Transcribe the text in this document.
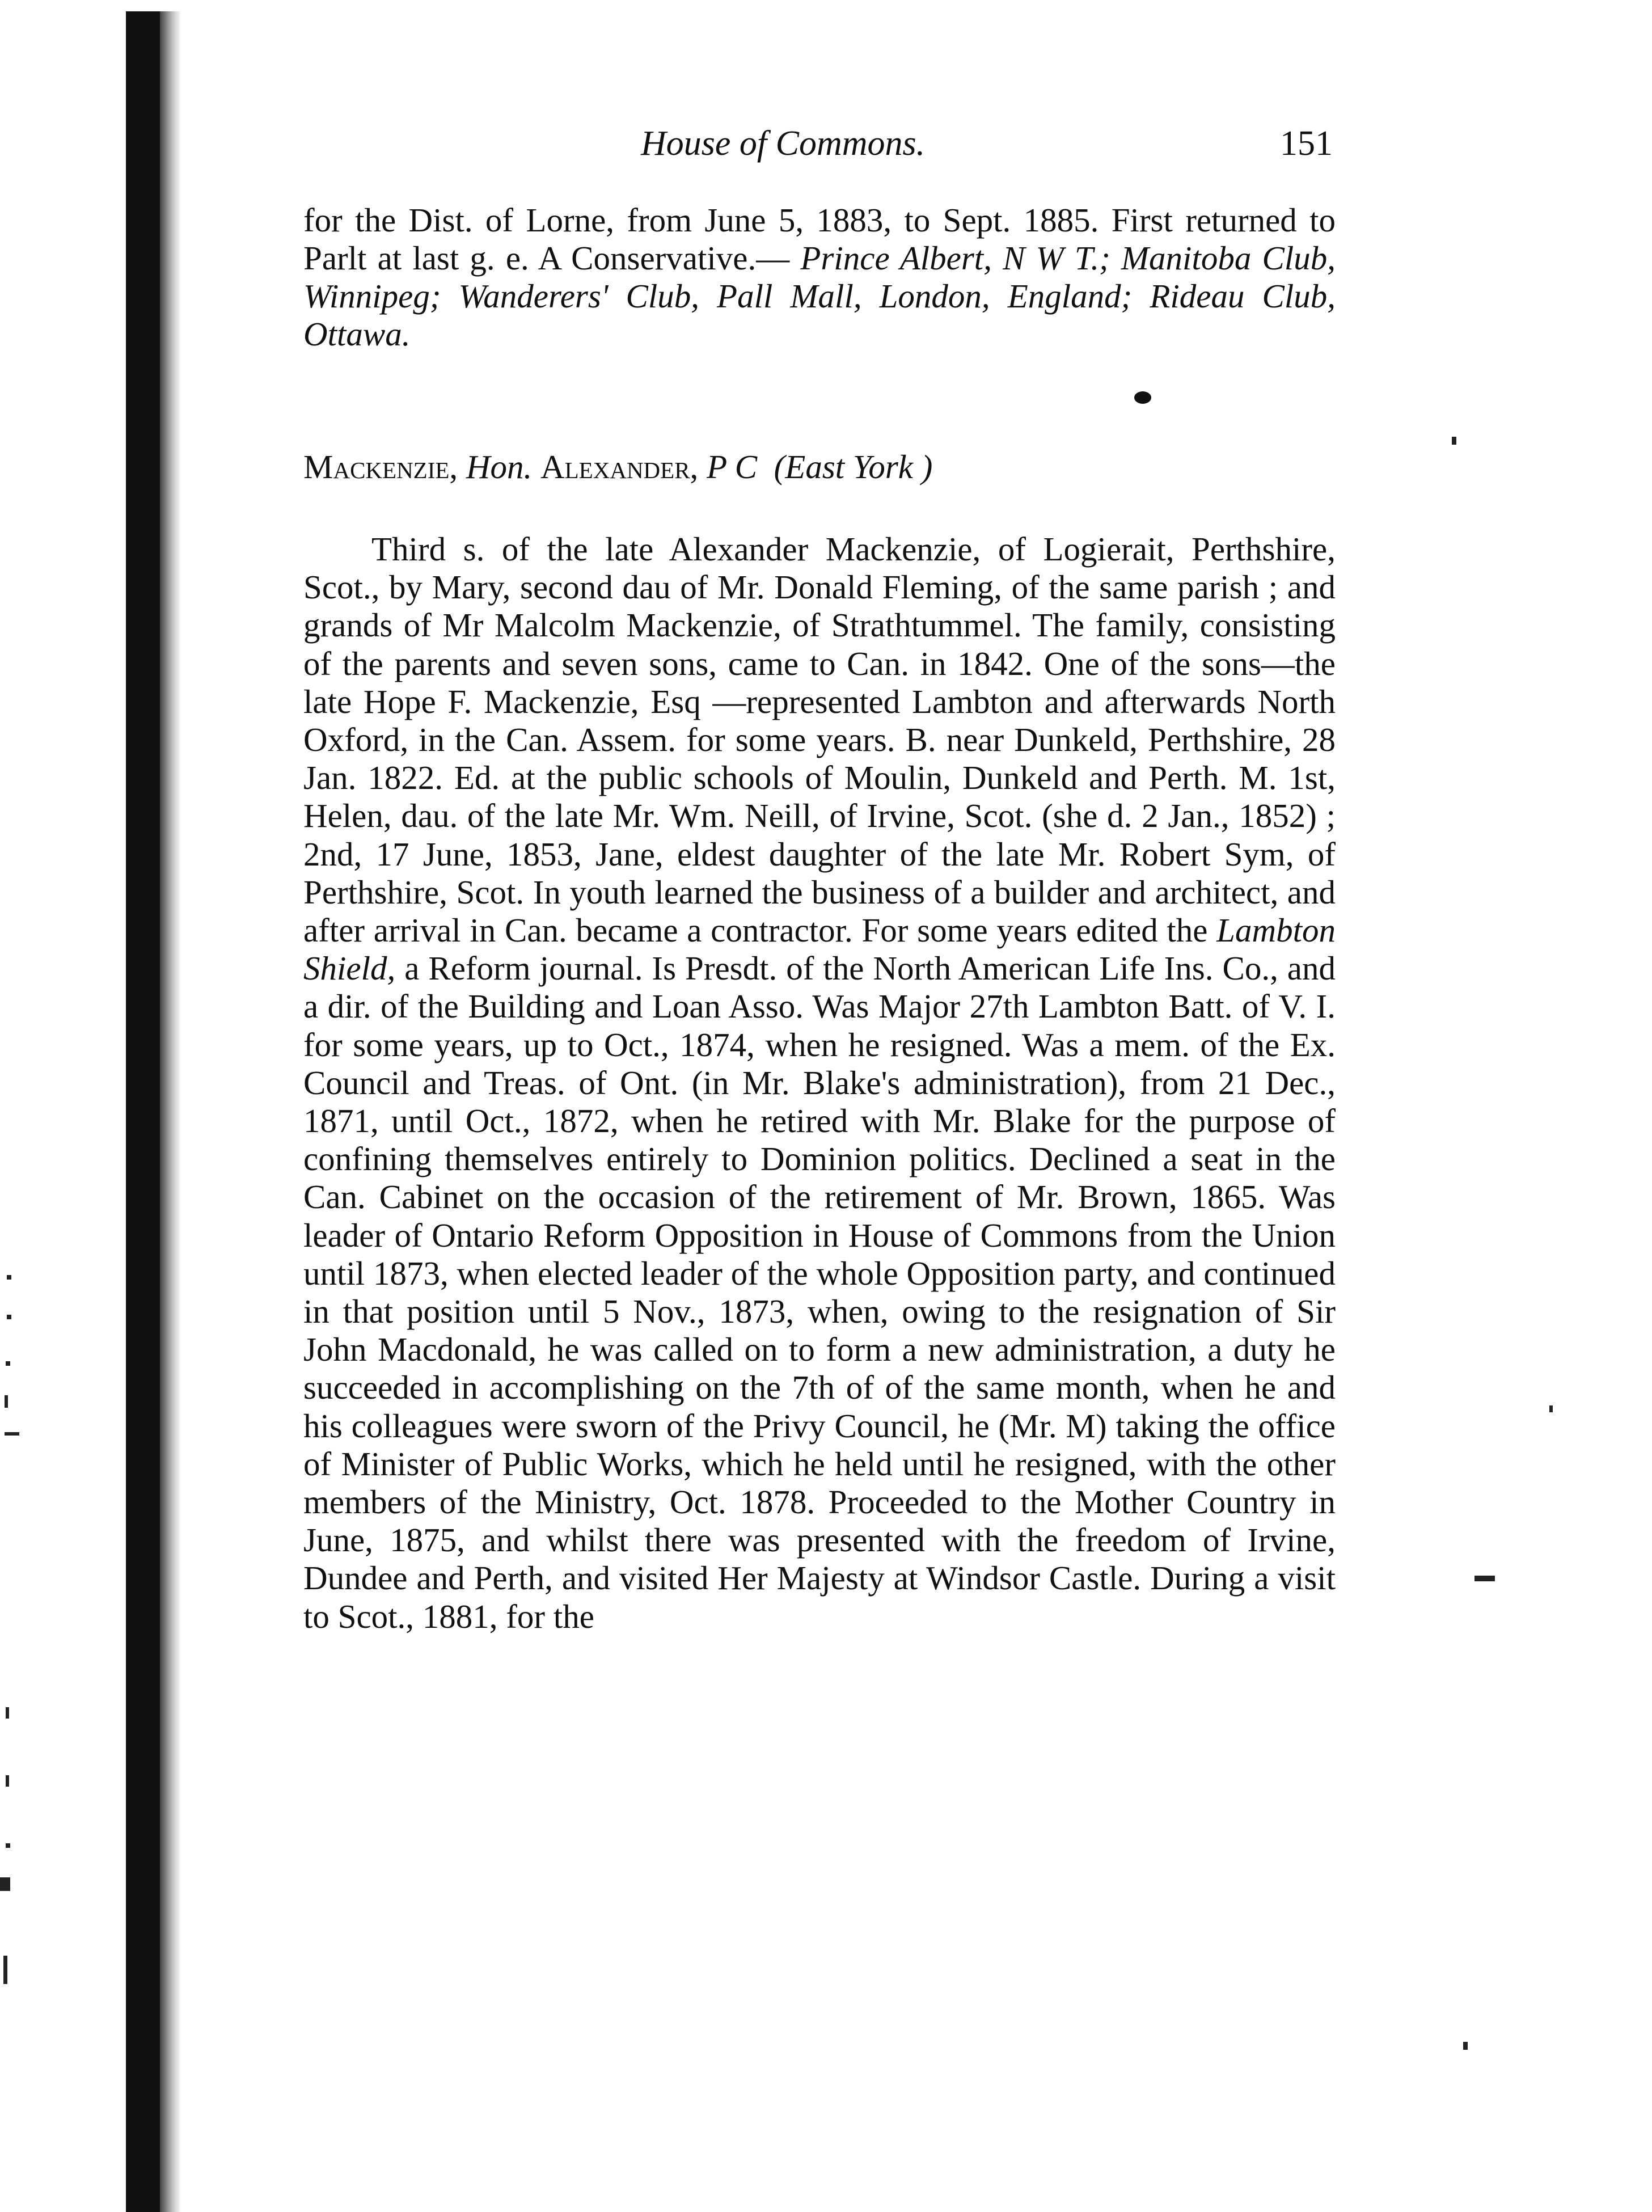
House of Commons.	151

for the Dist. of Lorne, from June 5, 1883, to Sept. 1885. First returned to Parlt at last g. e. A Conservative.— Prince Albert, N W T.; Manitoba Club, Winnipeg; Wanderers' Club, Pall Mall, London, England; Rideau Club, Ottawa.

Mackenzie, Hon. Alexander, P C (East York )

Third s. of the late Alexander Mackenzie, of Logierait, Perthshire, Scot., by Mary, second dau of Mr. Donald Fleming, of the same parish ; and grands of Mr Malcolm Mackenzie, of Strathtummel. The family, consisting of the parents and seven sons, came to Can. in 1842. One of the sons—the late Hope F. Mackenzie, Esq —represented Lambton and afterwards North Oxford, in the Can. Assem. for some years. B. near Dunkeld, Perthshire, 28 Jan. 1822. Ed. at the public schools of Moulin, Dunkeld and Perth. M. 1st, Helen, dau. of the late Mr. Wm. Neill, of Irvine, Scot. (she d. 2 Jan., 1852) ; 2nd, 17 June, 1853, Jane, eldest daughter of the late Mr. Robert Sym, of Perthshire, Scot. In youth learned the business of a builder and architect, and after arrival in Can. became a contractor. For some years edited the Lambton Shield, a Reform journal. Is Presdt. of the North American Life Ins. Co., and a dir. of the Building and Loan Asso. Was Major 27th Lambton Batt. of V. I. for some years, up to Oct., 1874, when he resigned. Was a mem. of the Ex. Council and Treas. of Ont. (in Mr. Blake's administration), from 21 Dec., 1871, until Oct., 1872, when he retired with Mr. Blake for the purpose of confining themselves entirely to Dominion politics. Declined a seat in the Can. Cabinet on the occasion of the retirement of Mr. Brown, 1865. Was leader of Ontario Reform Opposition in House of Commons from the Union until 1873, when elected leader of the whole Opposition party, and continued in that position until 5 Nov., 1873, when, owing to the resignation of Sir John Macdonald, he was called on to form a new administration, a duty he succeeded in accomplishing on the 7th of of the same month, when he and his colleagues were sworn of the Privy Council, he (Mr. M) taking the office of Minister of Public Works, which he held until he resigned, with the other members of the Ministry, Oct. 1878. Proceeded to the Mother Country in June, 1875, and whilst there was presented with the freedom of Irvine, Dundee and Perth, and visited Her Majesty at Windsor Castle. During a visit to Scot., 1881, for the
